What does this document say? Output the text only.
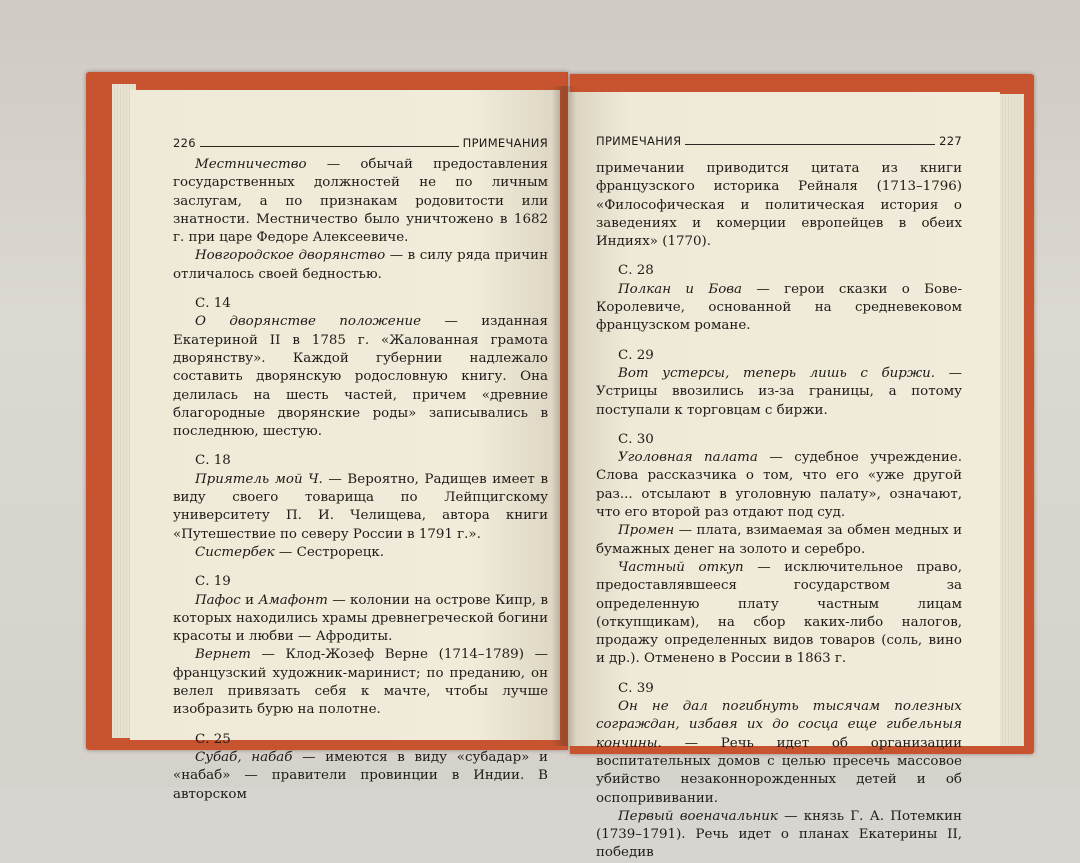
226	ПРИМЕЧАНИЯ

Местничество — обычай предоставления государственных должностей не по личным заслугам, а по признакам родовитости или знатности. Местничество было уничтожено в 1682 г. при царе Федоре Алексеевиче.

Новгородское дворянство — в силу ряда причин отличалось своей бедностью.

С. 14

О дворянстве положение — изданная Екатериной II в 1785 г. «Жалованная грамота дворянству». Каждой губернии надлежало составить дворянскую родословную книгу. Она делилась на шесть частей, причем «древние благородные дворянские роды» записывались в последнюю, шестую.

С. 18

Приятель мой Ч. — Вероятно, Радищев имеет в виду своего товарища по Лейпцигскому университету П. И. Челищева, автора книги «Путешествие по северу России в 1791 г.».

Систербек — Сестрорецк.

С. 19

Пафос и Амафонт — колонии на острове Кипр, в которых находились храмы древнегреческой богини красоты и любви — Афродиты.

Вернет — Клод-Жозеф Верне (1714–1789) — французский художник-маринист; по преданию, он велел привязать себя к мачте, чтобы лучше изобразить бурю на полотне.

С. 25

Субаб, набаб — имеются в виду «субадар» и «набаб» — правители провинции в Индии. В авторском

ПРИМЕЧАНИЯ	227

примечании приводится цитата из книги французского историка Рейналя (1713–1796) «Философическая и политическая история о заведениях и комерции европейцев в обеих Индиях» (1770).

С. 28

Полкан и Бова — герои сказки о Бове-Королевиче, основанной на средневековом французском романе.

С. 29

Вот устерсы, теперь лишь с биржи. — Устрицы ввозились из-за границы, а потому поступали к торговцам с биржи.

С. 30

Уголовная палата — судебное учреждение. Слова рассказчика о том, что его «уже другой раз... отсылают в уголовную палату», означают, что его второй раз отдают под суд.

Промен — плата, взимаемая за обмен медных и бумажных денег на золото и серебро.

Частный откуп — исключительное право, предоставлявшееся государством за определенную плату частным лицам (откупщикам), на сбор каких-либо налогов, продажу определенных видов товаров (соль, вино и др.). Отменено в России в 1863 г.

С. 39

Он не дал погибнуть тысячам полезных сограждан, избавя их до сосца еще гибельныя кончины. — Речь идет об организации воспитательных домов с целью пресечь массовое убийство незаконнорожденных детей и об оспопрививании.

Первый военачальник — князь Г. А. Потемкин (1739–1791). Речь идет о планах Екатерины II, победив
